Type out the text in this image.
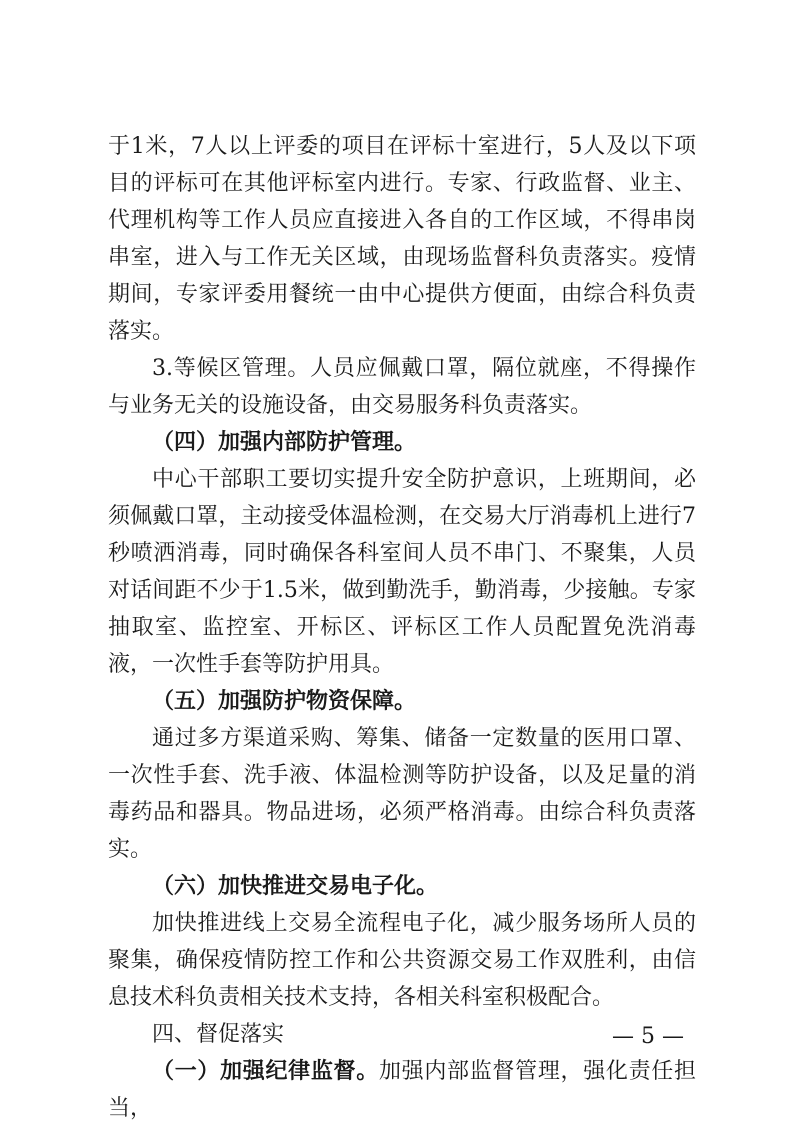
于1米，7人以上评委的项目在评标十室进行，5人及以下项目的评标可在其他评标室内进行。专家、行政监督、业主、代理机构等工作人员应直接进入各自的工作区域，不得串岗串室，进入与工作无关区域，由现场监督科负责落实。疫情期间，专家评委用餐统一由中心提供方便面，由综合科负责落实。

3.等候区管理。人员应佩戴口罩，隔位就座，不得操作与业务无关的设施设备，由交易服务科负责落实。

（四）加强内部防护管理。

中心干部职工要切实提升安全防护意识，上班期间，必须佩戴口罩，主动接受体温检测，在交易大厅消毒机上进行7秒喷洒消毒，同时确保各科室间人员不串门、不聚集，人员对话间距不少于1.5米，做到勤洗手，勤消毒，少接触。专家抽取室、监控室、开标区、评标区工作人员配置免洗消毒液，一次性手套等防护用具。

（五）加强防护物资保障。

通过多方渠道采购、筹集、储备一定数量的医用口罩、一次性手套、洗手液、体温检测等防护设备，以及足量的消毒药品和器具。物品进场，必须严格消毒。由综合科负责落实。

（六）加快推进交易电子化。

加快推进线上交易全流程电子化，减少服务场所人员的聚集，确保疫情防控工作和公共资源交易工作双胜利，由信息技术科负责相关技术支持，各相关科室积极配合。

四、督促落实

（一）加强纪律监督。加强内部监督管理，强化责任担当，

— 5 —
